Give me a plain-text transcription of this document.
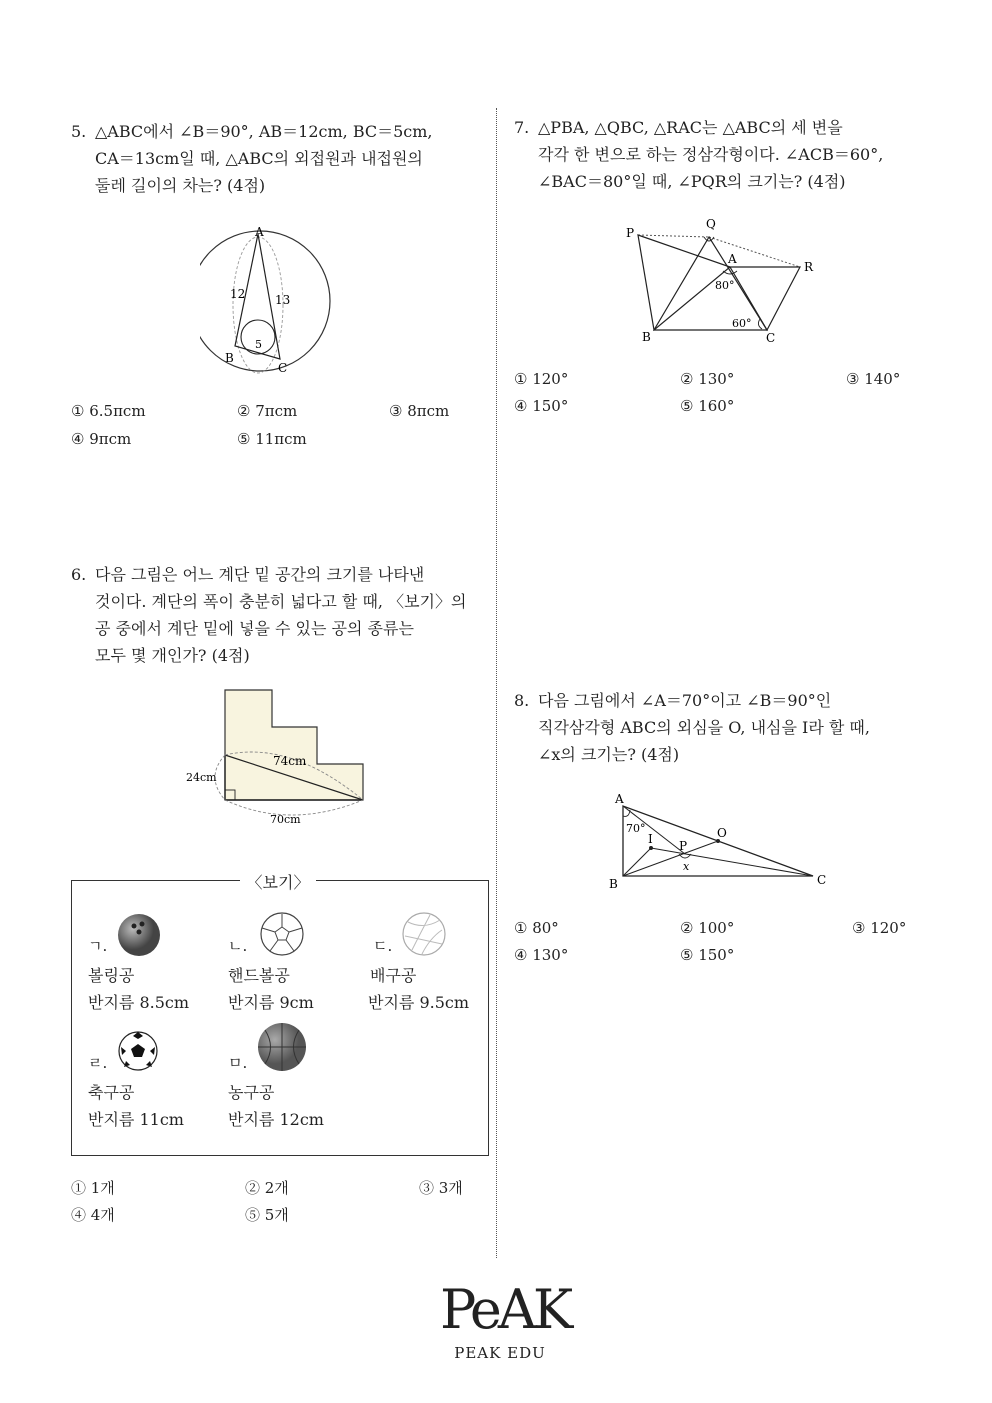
5. △ABC에서 ∠B＝90°, AB＝12cm, BC＝5cm,
CA＝13cm일 때, △ABC의 외접원과 내접원의
둘레 길이의 차는? (4점)
A
B
C
12 13
5
① 6.5πcm	② 7πcm	③ 8πcm
④ 9πcm	⑤ 11πcm
6. 다음 그림은 어느 계단 밑 공간의 크기를 나타낸
것이다. 계단의 폭이 충분히 넓다고 할 때, 〈보기〉의
공 중에서 계단 밑에 넣을 수 있는 공의 종류는
모두 몇 개인가? (4점)
74cm
24cm
70cm
〈보기〉
ㄱ.
볼링공
반지름 8.5cm
ㄴ.
핸드볼공
반지름 9cm
ㄷ.
배구공
반지름 9.5cm
ㄹ.
축구공
반지름 11cm
ㅁ.
농구공
반지름 12cm
① 1개	② 2개	③ 3개
④ 4개	⑤ 5개
7. △PBA, △QBC, △RAC는 △ABC의 세 변을
각각 한 변으로 하는 정삼각형이다. ∠ACB＝60°,
∠BAC＝80°일 때, ∠PQR의 크기는? (4점)
P
Q
A
R
B	C
80°
60°
① 120°	② 130°	③ 140°
④ 150°	⑤ 160°
8. 다음 그림에서 ∠A＝70°이고 ∠B＝90°인
직각삼각형 ABC의 외심을 O, 내심을 I라 할 때,
∠x의 크기는? (4점)
A
B	C
I	O
P
x
70°
① 80°	② 100°	③ 120°
④ 130°	⑤ 150°
PeAK
PEAK EDU
